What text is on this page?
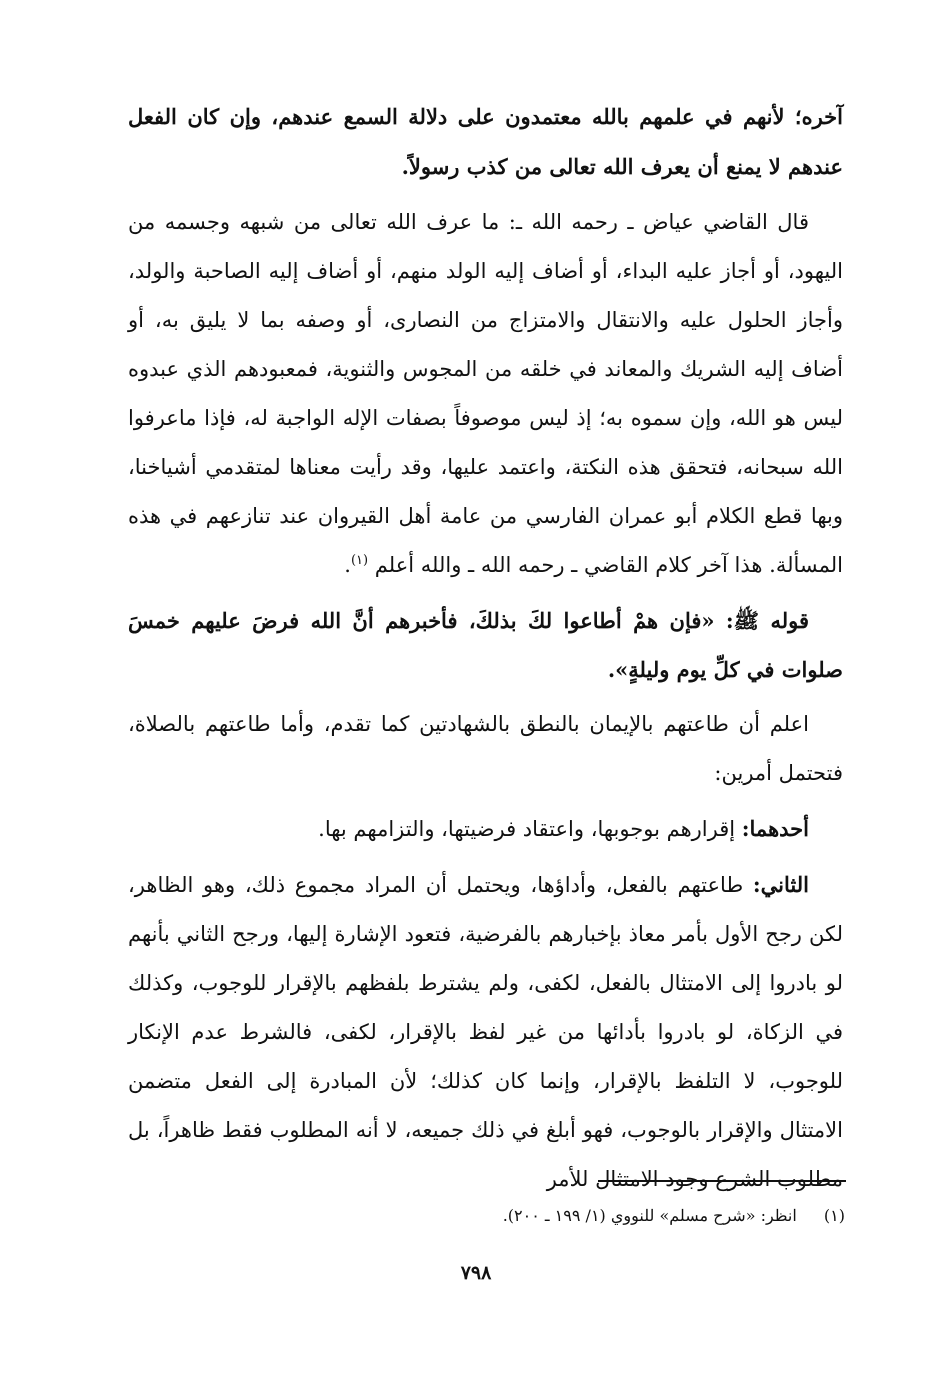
آخره؛ لأنهم في علمهم بالله معتمدون على دلالة السمع عندهم، وإن كان الفعل عندهم لا يمنع أن يعرف الله تعالى من كذب رسولاً.

قال القاضي عياض ـ رحمه الله ـ: ما عرف الله تعالى من شبهه وجسمه من اليهود، أو أجاز عليه البداء، أو أضاف إليه الولد منهم، أو أضاف إليه الصاحبة والولد، وأجاز الحلول عليه والانتقال والامتزاج من النصارى، أو وصفه بما لا يليق به، أو أضاف إليه الشريك والمعاند في خلقه من المجوس والثنوية، فمعبودهم الذي عبدوه ليس هو الله، وإن سموه به؛ إذ ليس موصوفاً بصفات الإله الواجبة له، فإذا ماعرفوا الله سبحانه، فتحقق هذه النكتة، واعتمد عليها، وقد رأيت معناها لمتقدمي أشياخنا، وبها قطع الكلام أبو عمران الفارسي من عامة أهل القيروان عند تنازعهم في هذه المسألة. هذا آخر كلام القاضي ـ رحمه الله ـ والله أعلم $^{(١)}$.

قوله ﷺ: «فإن همْ أطاعوا لكَ بذلكَ، فأخبرهم أنَّ الله فرضَ عليهم خمسَ صلوات في كلِّ يوم وليلةٍ».

اعلم أن طاعتهم بالإيمان بالنطق بالشهادتين كما تقدم، وأما طاعتهم بالصلاة، فتحتمل أمرين:

أحدهما: إقرارهم بوجوبها، واعتقاد فرضيتها، والتزامهم بها.

الثاني: طاعتهم بالفعل، وأداؤها، ويحتمل أن المراد مجموع ذلك، وهو الظاهر، لكن رجح الأول بأمر معاذ بإخبارهم بالفرضية، فتعود الإشارة إليها، ورجح الثاني بأنهم لو بادروا إلى الامتثال بالفعل، لكفى، ولم يشترط بلفظهم بالإقرار للوجوب، وكذلك في الزكاة، لو بادروا بأدائها من غير لفظ بالإقرار، لكفى، فالشرط عدم الإنكار للوجوب، لا التلفظ بالإقرار، وإنما كان كذلك؛ لأن المبادرة إلى الفعل متضمن الامتثال والإقرار بالوجوب، فهو أبلغ في ذلك جميعه، لا أنه المطلوب فقط ظاهراً، بل مطلوب الشرع وجود الامتثال للأمر

(١) انظر: «شرح مسلم» للنووي (١/ ١٩٩ ـ ٢٠٠).
٧٩٨
